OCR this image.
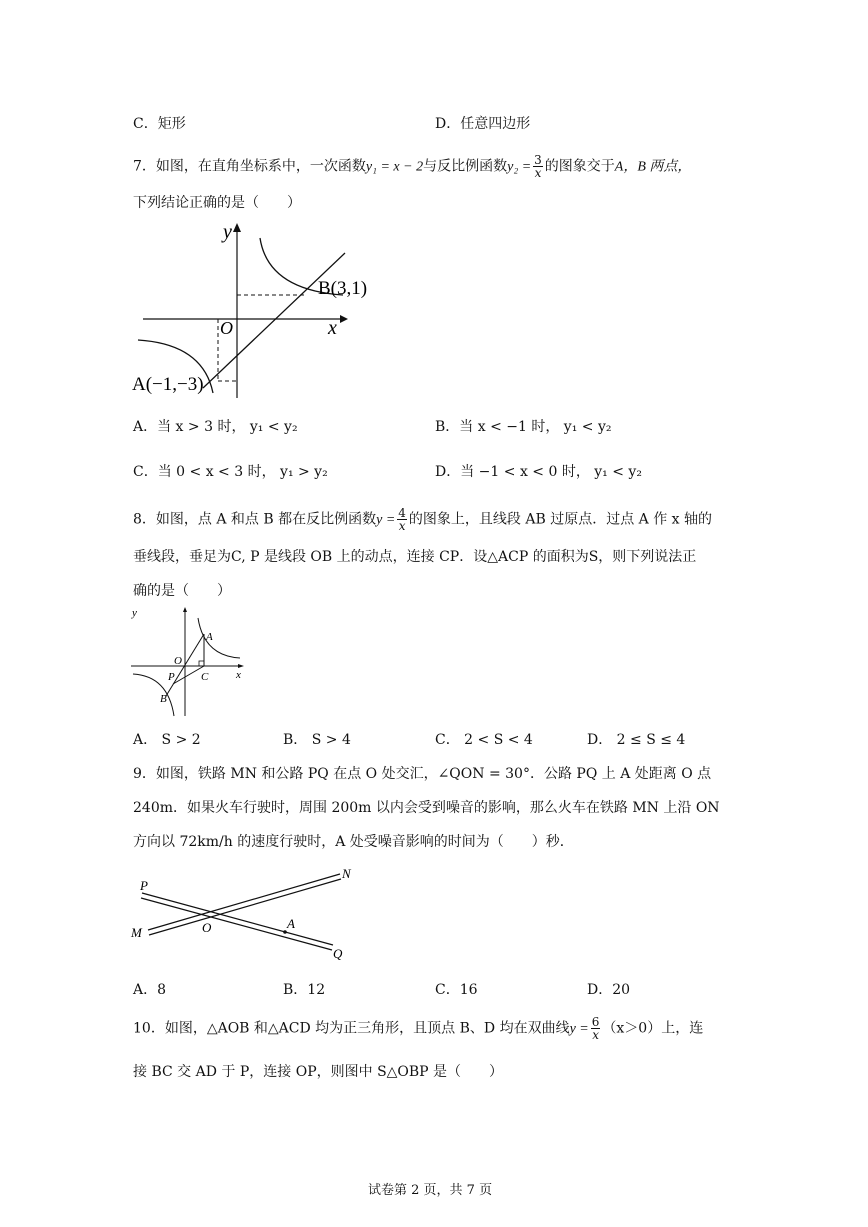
C．矩形	D．任意四边形
7．如图，在直角坐标系中，一次函数y₁ = x − 2与反比例函数$y_2 = \frac{3}{x}$ 的图象交于A，B 两点，
下列结论正确的是（　　）
y
x
O
B(3,1)
A(−1,−3)
A．当 x > 3 时， y₁ < y₂	B．当 x < −1 时， y₁ < y₂
C．当 0 < x < 3 时， y₁ > y₂	D．当 −1 < x < 0 时， y₁ < y₂
8．如图，点 A 和点 B 都在反比例函数$y = \frac{4}{x}$ 的图象上，且线段 AB 过原点．过点 A 作 x 轴的
垂线段，垂足为C, P 是线段 OB 上的动点，连接 CP．设△ACP 的面积为S，则下列说法正
确的是（　　）
y
x
O
A
B
C
P
A． S > 2	B． S > 4	C． 2 < S < 4	D． 2 ≤ S ≤ 4
9．如图，铁路 MN 和公路 PQ 在点 O 处交汇，∠QON = 30°．公路 PQ 上 A 处距离 O 点
240m．如果火车行驶时，周围 200m 以内会受到噪音的影响，那么火车在铁路 MN 上沿 ON
方向以 72km/h 的速度行驶时，A 处受噪音影响的时间为（　　）秒．
P
N
M	O	A
Q
A．8	B．12	C．16	D．20
10．如图，△AOB 和△ACD 均为正三角形，且顶点 B、D 均在双曲线$y = \frac{6}{x} (x>0)$上，连
接 BC 交 AD 于 P，连接 OP，则图中 S△OBP 是（　　）
试卷第 2 页，共 7 页
